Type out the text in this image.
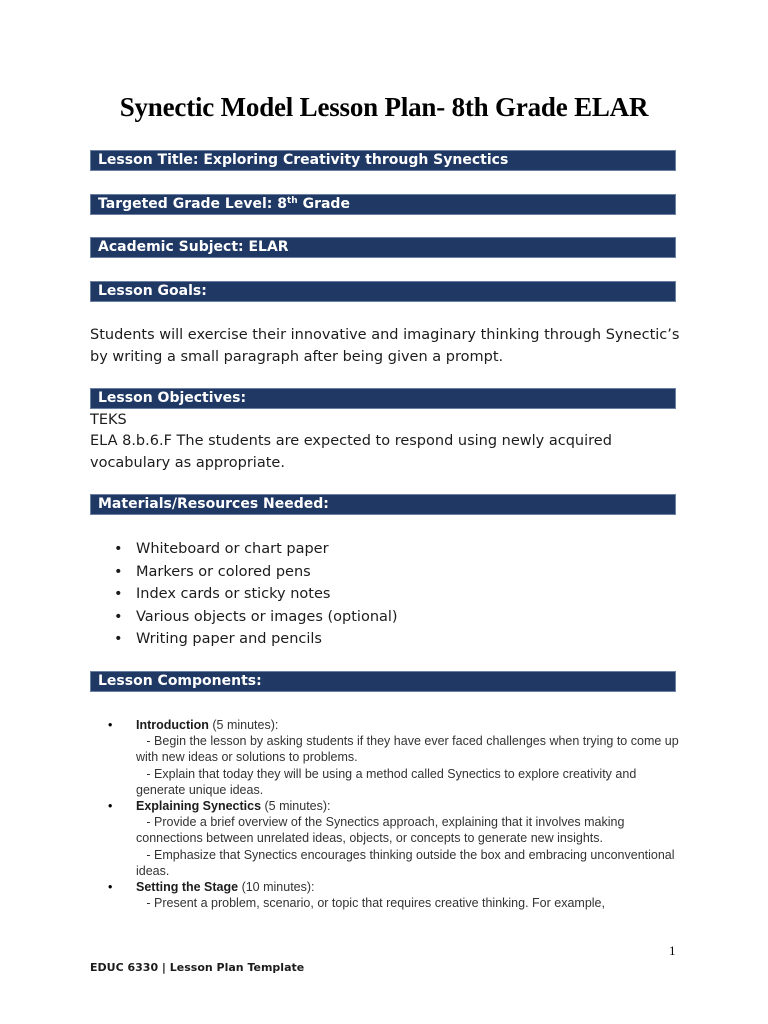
Synectic Model Lesson Plan- 8th Grade ELAR
Lesson Title: Exploring Creativity through Synectics
Targeted Grade Level: 8th Grade
Academic Subject: ELAR
Lesson Goals:
Students will exercise their innovative and imaginary thinking through Synectic’s by writing a small paragraph after being given a prompt.
Lesson Objectives:
TEKS
ELA 8.b.6.F The students are expected to respond using newly acquired vocabulary as appropriate.
Materials/Resources Needed:
• Whiteboard or chart paper
• Markers or colored pens
• Index cards or sticky notes
• Various objects or images (optional)
• Writing paper and pencils
Lesson Components:
• Introduction (5 minutes):
- Begin the lesson by asking students if they have ever faced challenges when trying to come up with new ideas or solutions to problems.
- Explain that today they will be using a method called Synectics to explore creativity and generate unique ideas.
• Explaining Synectics (5 minutes):
- Provide a brief overview of the Synectics approach, explaining that it involves making connections between unrelated ideas, objects, or concepts to generate new insights.
- Emphasize that Synectics encourages thinking outside the box and embracing unconventional ideas.
• Setting the Stage (10 minutes):
- Present a problem, scenario, or topic that requires creative thinking. For example,
1
EDUC 6330 | Lesson Plan Template
